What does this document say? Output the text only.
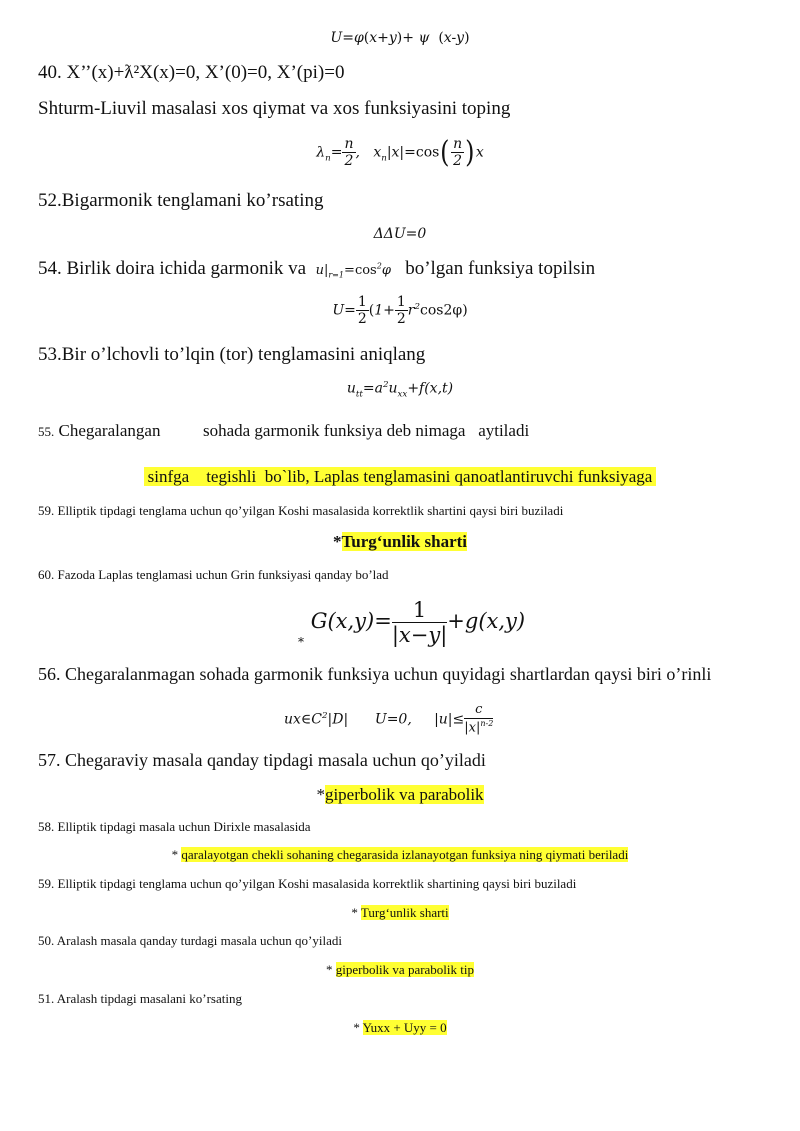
U=φ(x+y)+ ψ (x-y)
40. X’’(x)+ƛ²X(x)=0, X’(0)=0, X’(pi)=0
Shturm-Liuvil masalasi xos qiymat va xos funksiyasini toping
$\lambda_n= \frac{n}{2}$ , $x_n|x|=\cos( \frac{n}{2} )x$
52.Bigarmonik tenglamani ko’rsating
ΔΔU=0
54. Birlik doira ichida garmonik va $u|_{r=1}=\cos^2\varphi$ bo’lgan funksiya topilsin
$U= \frac{1}{2} (1+ \frac{1}{2} r^2\cos 2\varphi)$
53.Bir o’lchovli to’lqin (tor) tenglamasini aniqlang
$u_{tt}=a^2u_{xx}+f(x,t)$
55. Chegaralangan          sohada garmonik funksiya deb nimaga   aytiladi
sinfga    tegishli  bo`lib, Laplas tenglamasini qanoatlantiruvchi funksiyaga
59. Elliptik tipdagi tenglama uchun qo’yilgan Koshi masalasida korrektlik shartini qaysi biri buziladi
*Turg‘unlik sharti
60. Fazoda Laplas tenglamasi uchun Grin funksiyasi qanday bo’lad
$_*$ $G(x,y)= \frac{1}{|x-y|} +g(x,y)$
56. Chegaralanmagan sohada garmonik funksiya uchun quyidagi shartlardan qaysi biri o’rinli
$ux\in C^2|D|$ U=0, $|u|\le \frac{c}{|x|^{n-2}}$
57. Chegaraviy masala qanday tipdagi masala uchun qo’yiladi
*giperbolik va parabolik
58. Elliptik tipdagi masala uchun Dirixle masalasida
* qaralayotgan chekli sohaning chegarasida izlanayotgan funksiya ning qiymati beriladi
59. Elliptik tipdagi tenglama uchun qo’yilgan Koshi masalasida korrektlik shartining qaysi biri buziladi
* Turg‘unlik sharti
50. Aralash masala qanday turdagi masala uchun qo’yiladi
* giperbolik va parabolik tip
51. Aralash tipdagi masalani ko’rsating
* Yuxx + Uyy = 0
